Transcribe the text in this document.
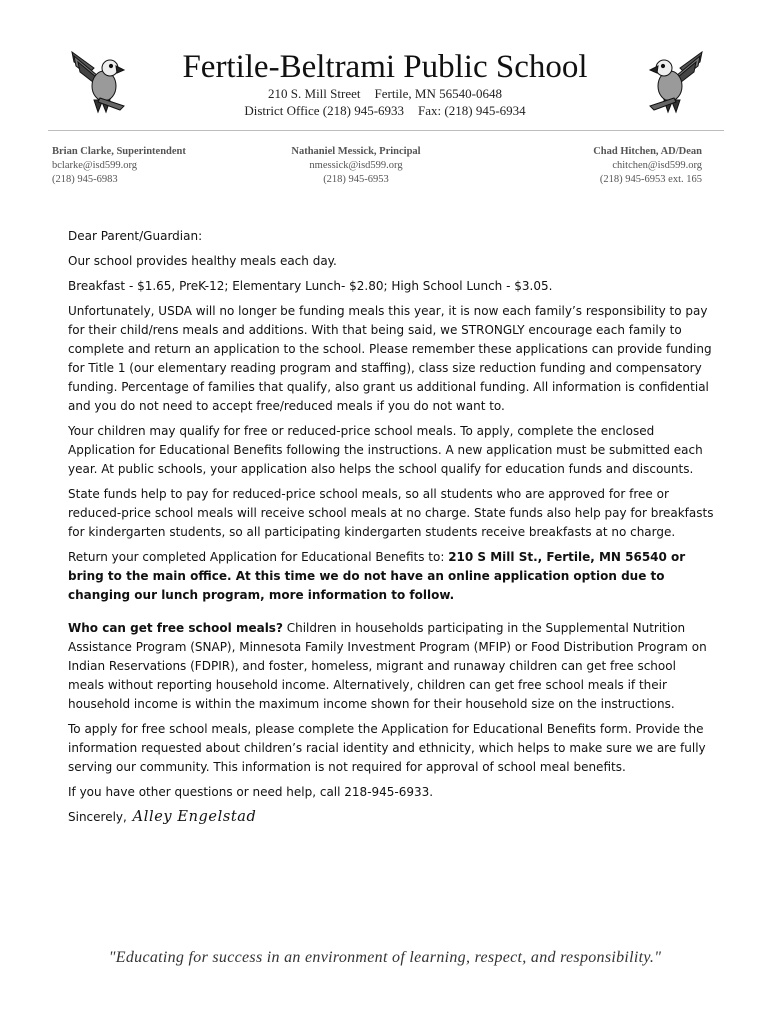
Fertile-Beltrami Public School
210 S. Mill Street Fertile, MN 56540-0648
District Office (218) 945-6933 Fax: (218) 945-6934
Brian Clarke, Superintendent
bclarke@isd599.org
(218) 945-6983
Nathaniel Messick, Principal
nmessick@isd599.org
(218) 945-6953
Chad Hitchen, AD/Dean
chitchen@isd599.org
(218) 945-6953 ext. 165

Dear Parent/Guardian:

Our school provides healthy meals each day.

Breakfast - $1.65, PreK-12; Elementary Lunch- $2.80; High School Lunch - $3.05.

Unfortunately, USDA will no longer be funding meals this year, it is now each family’s responsibility to pay for their child/rens meals and additions. With that being said, we STRONGLY encourage each family to complete and return an application to the school. Please remember these applications can provide funding for Title 1 (our elementary reading program and staffing), class size reduction funding and compensatory funding. Percentage of families that qualify, also grant us additional funding. All information is confidential and you do not need to accept free/reduced meals if you do not want to.

Your children may qualify for free or reduced-price school meals. To apply, complete the enclosed Application for Educational Benefits following the instructions. A new application must be submitted each year. At public schools, your application also helps the school qualify for education funds and discounts.

State funds help to pay for reduced-price school meals, so all students who are approved for free or reduced-price school meals will receive school meals at no charge. State funds also help pay for breakfasts for kindergarten students, so all participating kindergarten students receive breakfasts at no charge.

Return your completed Application for Educational Benefits to: 210 S Mill St., Fertile, MN 56540 or bring to the main office. At this time we do not have an online application option due to changing our lunch program, more information to follow.

Who can get free school meals? Children in households participating in the Supplemental Nutrition Assistance Program (SNAP), Minnesota Family Investment Program (MFIP) or Food Distribution Program on Indian Reservations (FDPIR), and foster, homeless, migrant and runaway children can get free school meals without reporting household income. Alternatively, children can get free school meals if their household income is within the maximum income shown for their household size on the instructions.

To apply for free school meals, please complete the Application for Educational Benefits form. Provide the information requested about children’s racial identity and ethnicity, which helps to make sure we are fully serving our community. This information is not required for approval of school meal benefits.

If you have other questions or need help, call 218-945-6933.

Sincerely, Alley Engelstad

"Educating for success in an environment of learning, respect, and responsibility."
